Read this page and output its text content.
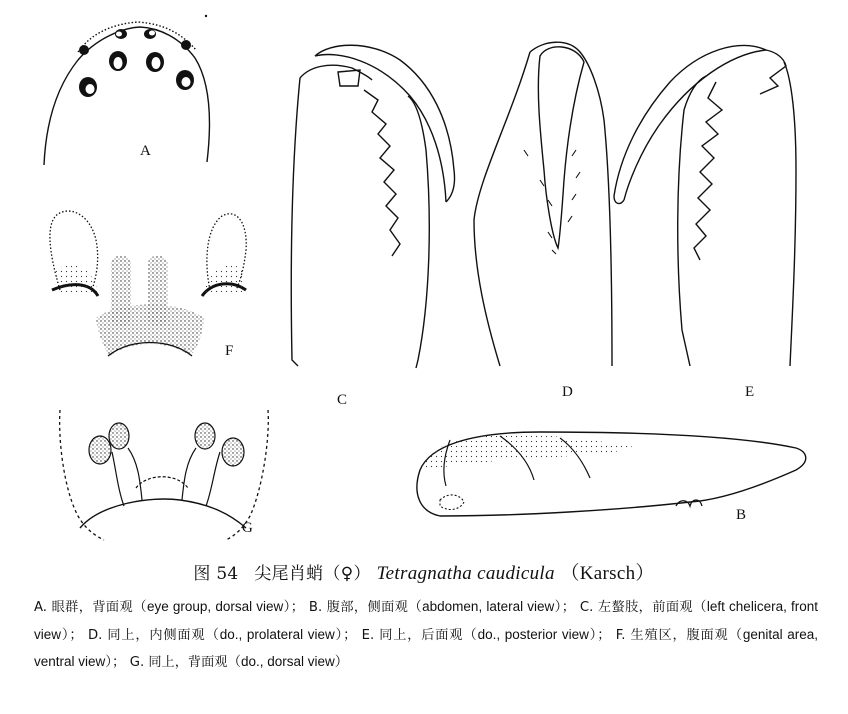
A
F
C	D	E
G
B
图 54 尖尾肖蛸（♀） Tetragnatha caudicula （Karsch）
A. 眼群，背面观（eye group, dorsal view）； B. 腹部，侧面观（abdomen, lateral view）； C. 左螯肢，前面观（left chelicera, front view）； D. 同上，内侧面观（do., prolateral view）； E. 同上，后面观（do., posterior view）； F. 生殖区，腹面观（genital area, ventral view）； G. 同上，背面观（do., dorsal view）
